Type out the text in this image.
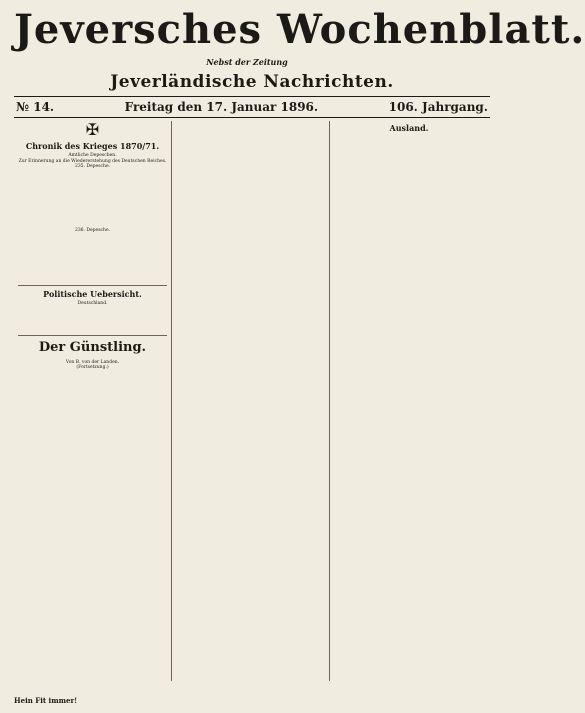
Jeversches Wochenblatt.
Nebst der Zeitung
Jeverländische Nachrichten.
№ 14.	Freitag den 17. Januar 1896.	106. Jahrgang.
✠
Chronik des Krieges 1870/71.
Amtliche Depeschen.
Zur Erinnerung an die Wiedererstehung des Deutschen Reiches.
235. Depesche.
236. Depesche.
Politische Uebersicht.
Deutschland.
Der Günstling.
Von B. von der Landen.
(Fortsetzung.)
Ausland.
Hein Fit immer!
